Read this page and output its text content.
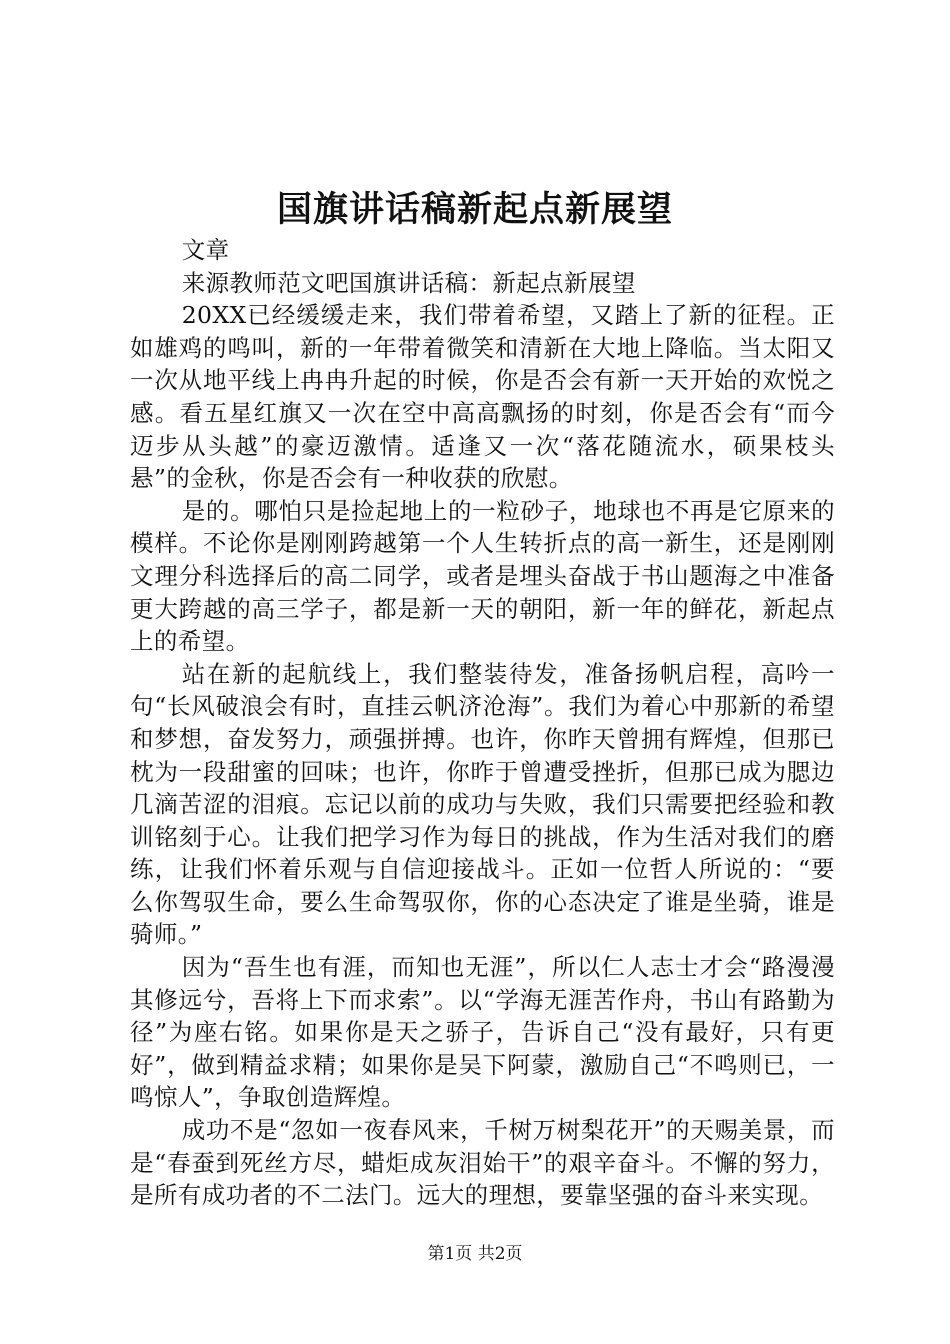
国旗讲话稿新起点新展望

文章

来源教师范文吧国旗讲话稿：新起点新展望

20XX已经缓缓走来，我们带着希望，又踏上了新的征程。正如雄鸡的鸣叫，新的一年带着微笑和清新在大地上降临。当太阳又一次从地平线上冉冉升起的时候，你是否会有新一天开始的欢悦之感。看五星红旗又一次在空中高高飘扬的时刻，你是否会有“而今迈步从头越”的豪迈激情。适逢又一次“落花随流水，硕果枝头悬”的金秋，你是否会有一种收获的欣慰。

是的。哪怕只是捡起地上的一粒砂子，地球也不再是它原来的模样。不论你是刚刚跨越第一个人生转折点的高一新生，还是刚刚文理分科选择后的高二同学，或者是埋头奋战于书山题海之中准备更大跨越的高三学子，都是新一天的朝阳，新一年的鲜花，新起点上的希望。

站在新的起航线上，我们整装待发，准备扬帆启程，高吟一句“长风破浪会有时，直挂云帆济沧海”。我们为着心中那新的希望和梦想，奋发努力，顽强拼搏。也许，你昨天曾拥有辉煌，但那已枕为一段甜蜜的回味；也许，你昨于曾遭受挫折，但那已成为腮边几滴苦涩的泪痕。忘记以前的成功与失败，我们只需要把经验和教训铭刻于心。让我们把学习作为每日的挑战，作为生活对我们的磨练，让我们怀着乐观与自信迎接战斗。正如一位哲人所说的：“要么你驾驭生命，要么生命驾驭你，你的心态决定了谁是坐骑，谁是骑师。”

因为“吾生也有涯，而知也无涯”，所以仁人志士才会“路漫漫其修远兮，吾将上下而求索”。以“学海无涯苦作舟，书山有路勤为径”为座右铭。如果你是天之骄子，告诉自己“没有最好，只有更好”，做到精益求精；如果你是吴下阿蒙，激励自己“不鸣则已，一鸣惊人”，争取创造辉煌。

成功不是“忽如一夜春风来，千树万树梨花开”的天赐美景，而是“春蚕到死丝方尽，蜡炬成灰泪始干”的艰辛奋斗。不懈的努力，是所有成功者的不二法门。远大的理想，要靠坚强的奋斗来实现。

第1页 共2页
